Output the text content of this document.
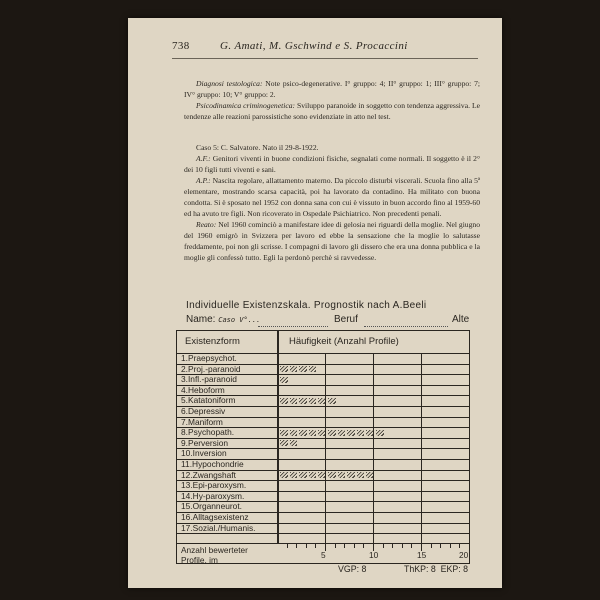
738	G. Amati, M. Gschwind e S. Procaccini

Diagnosi testologica: Note psico-degenerative. I° gruppo: 4; II° gruppo: 1; III° gruppo: 7; IV° gruppo: 10; V° gruppo: 2.

Psicodinamica criminogenetica: Sviluppo paranoide in soggetto con tendenza aggressiva. Le tendenze alle reazioni parossistiche sono evidenziate in atto nel test.

Caso 5: C. Salvatore. Nato il 29-8-1922.

A.F.: Genitori viventi in buone condizioni fisiche, segnalati come normali. Il soggetto è il 2° dei 10 figli tutti viventi e sani.

A.P.: Nascita regolare, allattamento materno. Da piccolo disturbi viscerali. Scuola fino alla 5ª elementare, mostrando scarsa capacità, poi ha lavorato da contadino. Ha militato con buona condotta. Si è sposato nel 1952 con donna sana con cui è vissuto in buon accordo fino al 1959-60 ed ha avuto tre figli. Non ricoverato in Ospedale Psichiatrico. Non precedenti penali.

Reato: Nel 1960 cominciò a manifestare idee di gelosia nei riguardi della moglie. Nel giugno del 1960 emigrò in Svizzera per lavoro ed ebbe la sensazione che la moglie lo salutasse freddamente, poi non gli scrisse. I compagni di lavoro gli dissero che era una donna pubblica e la moglie gli confessò tutto. Egli la perdonò perchè si ravvedesse.

Individuelle Existenzskala. Prognostik nach A.Beeli
Name: Caso V°...	Beruf	Alte
Existenzform	Häufigkeit (Anzahl Profile)
Anzahl bewerteter
Profile, im
1.Praepsychot.
2.Proj.-paranoid
3.Infl.-paranoid
4.Heboform
5.Katatoniform
6.Depressiv
7.Maniform
8.Psychopath.
9.Perversion
10.Inversion
11.Hypochondrie
12.Zwangshaft
13.Epi-paroxysm.
14.Hy-paroxysm.
15.Organneurot.
16.Alltagsexistenz
17.Sozial./Humanis.
5	10	15	20
VGP: 8	ThKP: 8 EKP: 8
